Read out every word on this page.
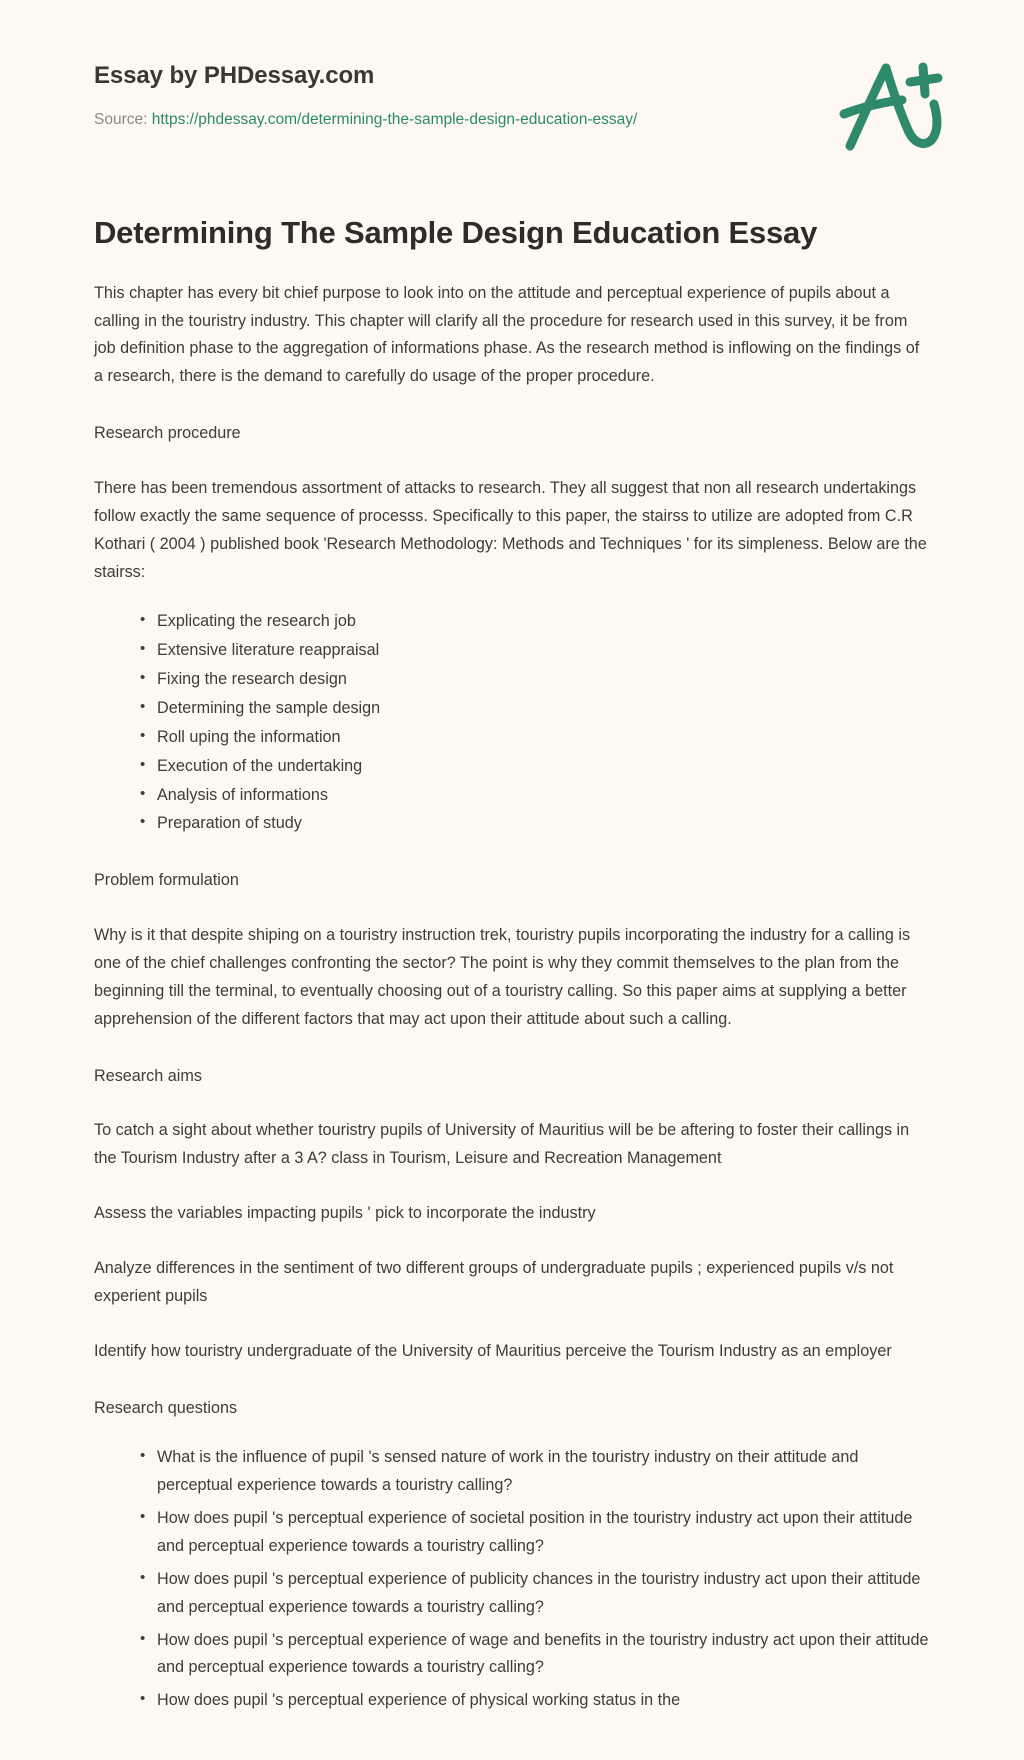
Essay by PHDessay.com
Source: https://phdessay.com/determining-the-sample-design-education-essay/
Determining The Sample Design Education Essay

This chapter has every bit chief purpose to look into on the attitude and perceptual experience of pupils about a calling in the touristry industry. This chapter will clarify all the procedure for research used in this survey, it be from job definition phase to the aggregation of informations phase. As the research method is inflowing on the findings of a research, there is the demand to carefully do usage of the proper procedure.

Research procedure

There has been tremendous assortment of attacks to research. They all suggest that non all research undertakings follow exactly the same sequence of processs. Specifically to this paper, the stairss to utilize are adopted from C.R Kothari ( 2004 ) published book 'Research Methodology: Methods and Techniques ' for its simpleness. Below are the stairss:

• Explicating the research job
• Extensive literature reappraisal
• Fixing the research design
• Determining the sample design
• Roll uping the information
• Execution of the undertaking
• Analysis of informations
• Preparation of study

Problem formulation

Why is it that despite shiping on a touristry instruction trek, touristry pupils incorporating the industry for a calling is one of the chief challenges confronting the sector? The point is why they commit themselves to the plan from the beginning till the terminal, to eventually choosing out of a touristry calling. So this paper aims at supplying a better apprehension of the different factors that may act upon their attitude about such a calling.

Research aims

To catch a sight about whether touristry pupils of University of Mauritius will be be aftering to foster their callings in the Tourism Industry after a 3 A? class in Tourism, Leisure and Recreation Management

Assess the variables impacting pupils ' pick to incorporate the industry

Analyze differences in the sentiment of two different groups of undergraduate pupils ; experienced pupils v/s not experient pupils

Identify how touristry undergraduate of the University of Mauritius perceive the Tourism Industry as an employer

Research questions

• What is the influence of pupil 's sensed nature of work in the touristry industry on their attitude and perceptual experience towards a touristry calling?
• How does pupil 's perceptual experience of societal position in the touristry industry act upon their attitude and perceptual experience towards a touristry calling?
• How does pupil 's perceptual experience of publicity chances in the touristry industry act upon their attitude and perceptual experience towards a touristry calling?
• How does pupil 's perceptual experience of wage and benefits in the touristry industry act upon their attitude and perceptual experience towards a touristry calling?
• How does pupil 's perceptual experience of physical working status in the
